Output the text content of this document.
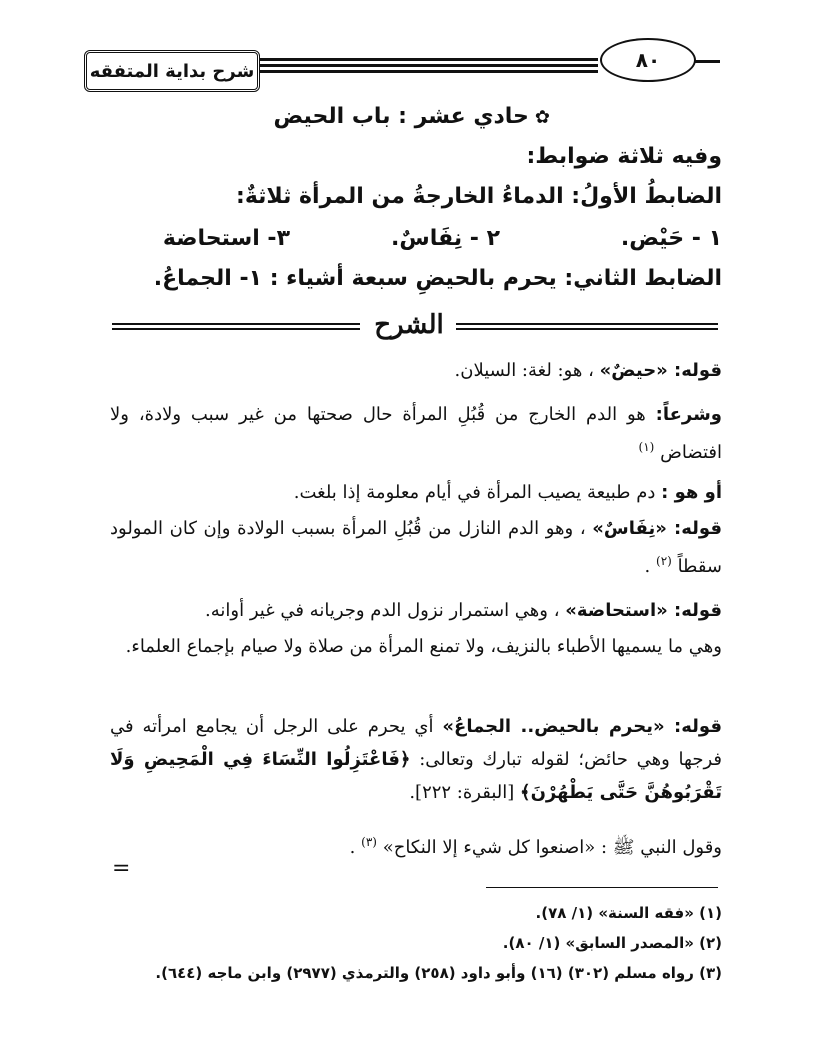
شرح بداية المتفقه	٨٠
✿حادي عشر : باب الحيض
وفيه ثلاثة ضوابط:
الضابطُ الأولُ: الدماءُ الخارجةُ من المرأة ثلاثةٌ:
١ - حَيْض.
٢ - نِفَاسٌ.
٣- استحاضة
الضابط الثاني: يحرم بالحيضِ سبعة أشياء : ١- الجماعُ.
الشرح
قوله: «حيضٌ» ، هو: لغة: السيلان.
وشرعاً: هو الدم الخارج من قُبُلِ المرأة حال صحتها من غير سبب ولادة، ولا افتضاض $^{(١)}$
أو هو : دم طبيعة يصيب المرأة في أيام معلومة إذا بلغت.
قوله: «نِفَاسٌ» ، وهو الدم النازل من قُبُلِ المرأة بسبب الولادة وإن كان المولود سقطاً $^{(٢)}$ .
قوله: «استحاضة» ، وهي استمرار نزول الدم وجريانه في غير أوانه.
وهي ما يسميها الأطباء بالنزيف، ولا تمنع المرأة من صلاة ولا صيام بإجماع العلماء.
قوله: «يحرم بالحيض.. الجماعُ» أي يحرم على الرجل أن يجامع امرأته في فرجها وهي حائض؛ لقوله تبارك وتعالى: ﴿فَاعْتَزِلُوا النِّسَاءَ فِي الْمَحِيضِ وَلَا تَقْرَبُوهُنَّ حَتَّى يَطْهُرْنَ﴾ [البقرة: ٢٢٢].
وقول النبي ﷺ : «اصنعوا كل شيء إلا النكاح» $^{(٣)}$ .
=
(١) «فقه السنة» (١/ ٧٨).
(٢) «المصدر السابق» (١/ ٨٠).
(٣) رواه مسلم (٣٠٢) (١٦) وأبو داود (٢٥٨) والترمذي (٢٩٧٧) وابن ماجه (٦٤٤).
